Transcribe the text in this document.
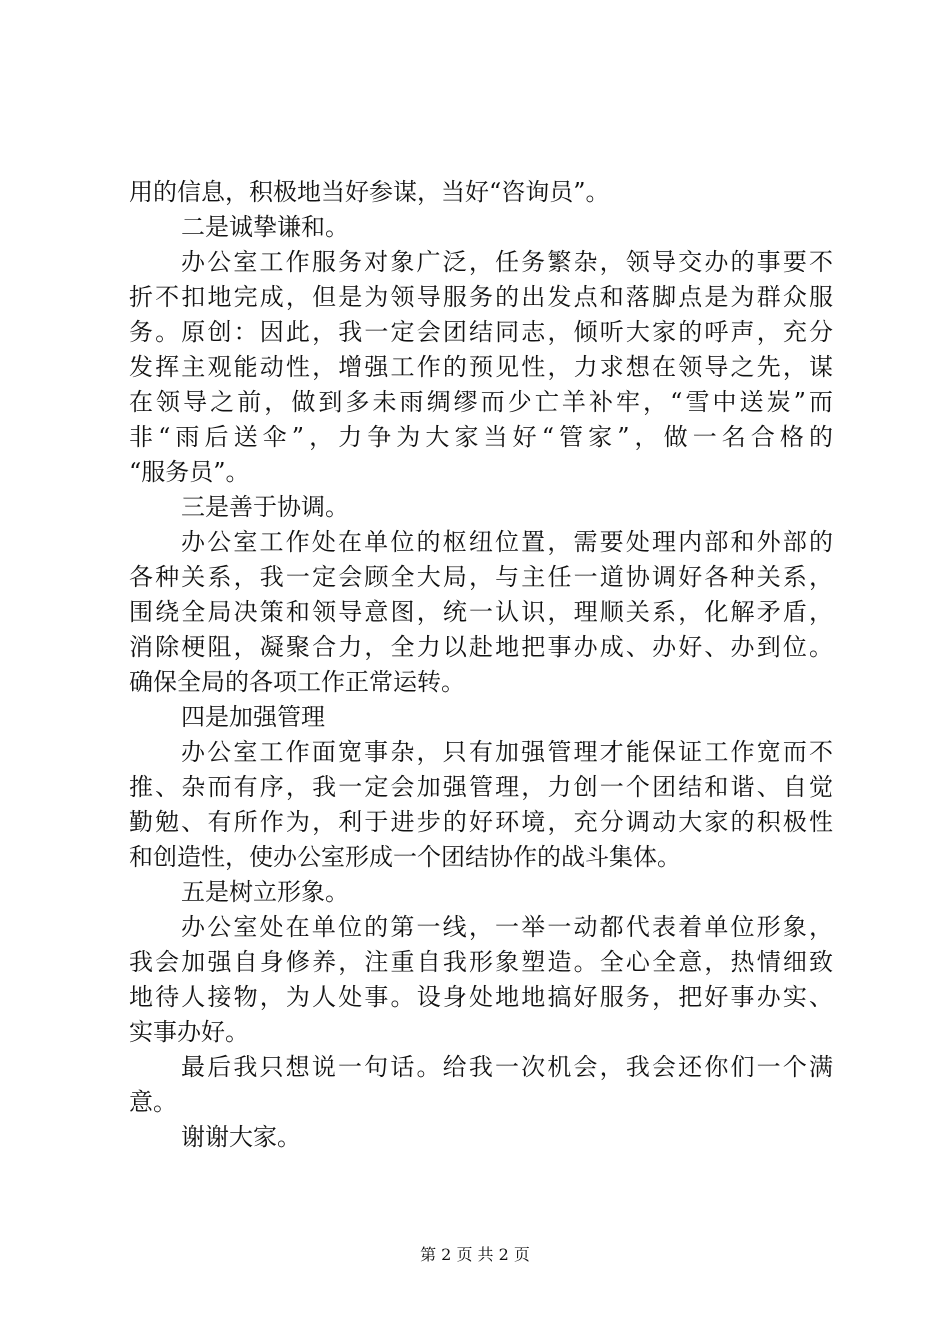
用的信息，积极地当好参谋，当好“咨询员”。
二是诚挚谦和。
办公室工作服务对象广泛，任务繁杂，领导交办的事要不
折不扣地完成，但是为领导服务的出发点和落脚点是为群众服
务。原创：因此，我一定会团结同志，倾听大家的呼声，充分
发挥主观能动性，增强工作的预见性，力求想在领导之先，谋
在领导之前，做到多未雨绸缪而少亡羊补牢，“雪中送炭”而
非“雨后送伞”，力争为大家当好“管家”，做一名合格的
“服务员”。
三是善于协调。
办公室工作处在单位的枢纽位置，需要处理内部和外部的
各种关系，我一定会顾全大局，与主任一道协调好各种关系，
围绕全局决策和领导意图，统一认识，理顺关系，化解矛盾，
消除梗阻，凝聚合力，全力以赴地把事办成、办好、办到位。
确保全局的各项工作正常运转。
四是加强管理
办公室工作面宽事杂，只有加强管理才能保证工作宽而不
推、杂而有序，我一定会加强管理，力创一个团结和谐、自觉
勤勉、有所作为，利于进步的好环境，充分调动大家的积极性
和创造性，使办公室形成一个团结协作的战斗集体。
五是树立形象。
办公室处在单位的第一线，一举一动都代表着单位形象，
我会加强自身修养，注重自我形象塑造。全心全意，热情细致
地待人接物，为人处事。设身处地地搞好服务，把好事办实、
实事办好。
最后我只想说一句话。给我一次机会，我会还你们一个满
意。
谢谢大家。
第 2 页 共 2 页
